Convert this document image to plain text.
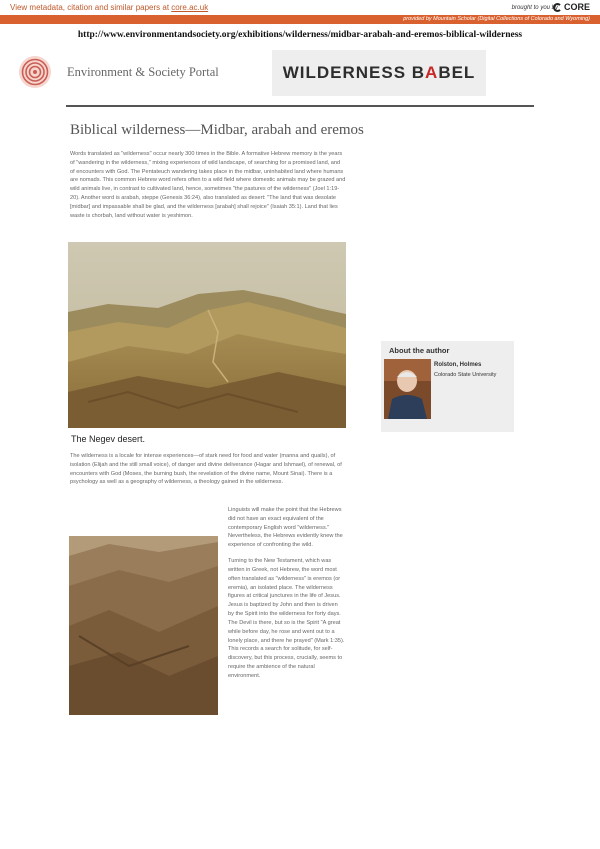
View metadata, citation and similar papers at core.ac.uk	brought to you by CORE
provided by Mountain Scholar (Digital Collections of Colorado and Wyoming)
http://www.environmentandsociety.org/exhibitions/wilderness/midbar-arabah-and-eremos-biblical-wilderness
Environment & Society Portal	WILDERNESS B A BEL
Biblical wilderness—Midbar, arabah and eremos
Words translated as "wilderness" occur nearly 300 times in the Bible. A formative Hebrew memory is the years of "wandering in the wilderness," mixing experiences of wild landscape, of searching for a promised land, and of encounters with God. The Pentateuch wandering takes place in the midbar, uninhabited land where humans are nomads. This common Hebrew word refers often to a wild field where domestic animals may be grazed and wild animals live, in contrast to cultivated land, hence, sometimes "the pastures of the wilderness" (Joel 1:19-20). Another word is arabah, steppe (Genesis 36:24), also translated as desert: "The land that was desolate [midbar] and impassable shall be glad, and the wilderness [arabah] shall rejoice" (Isaiah 35:1). Land that lies waste is chorbah, land without water is yeshimon.
The Negev desert.
The wilderness is a locale for intense experiences—of stark need for food and water (manna and quails), of isolation (Elijah and the still small voice), of danger and divine deliverance (Hagar and Ishmael), of renewal, of encounters with God (Moses, the burning bush, the revelation of the divine name, Mount Sinai). There is a psychology as well as a geography of wilderness, a theology gained in the wilderness.

Linguists will make the point that the Hebrews did not have an exact equivalent of the contemporary English word "wilderness." Nevertheless, the Hebrews evidently knew the experience of confronting the wild.

Turning to the New Testament, which was written in Greek, not Hebrew, the word most often translated as "wilderness" is eremos (or eremia), an isolated place. The wilderness figures at critical junctures in the life of Jesus. Jesus is baptized by John and then is driven by the Spirit into the wilderness for forty days. The Devil is there, but so is the Spirit "A great while before day, he rose and went out to a lonely place, and there he prayed" (Mark 1:35). This records a search for solitude, for self-discovery, but this process, crucially, seems to require the ambience of the natural environment.

About the author
Rolston, Holmes
Colorado State University
